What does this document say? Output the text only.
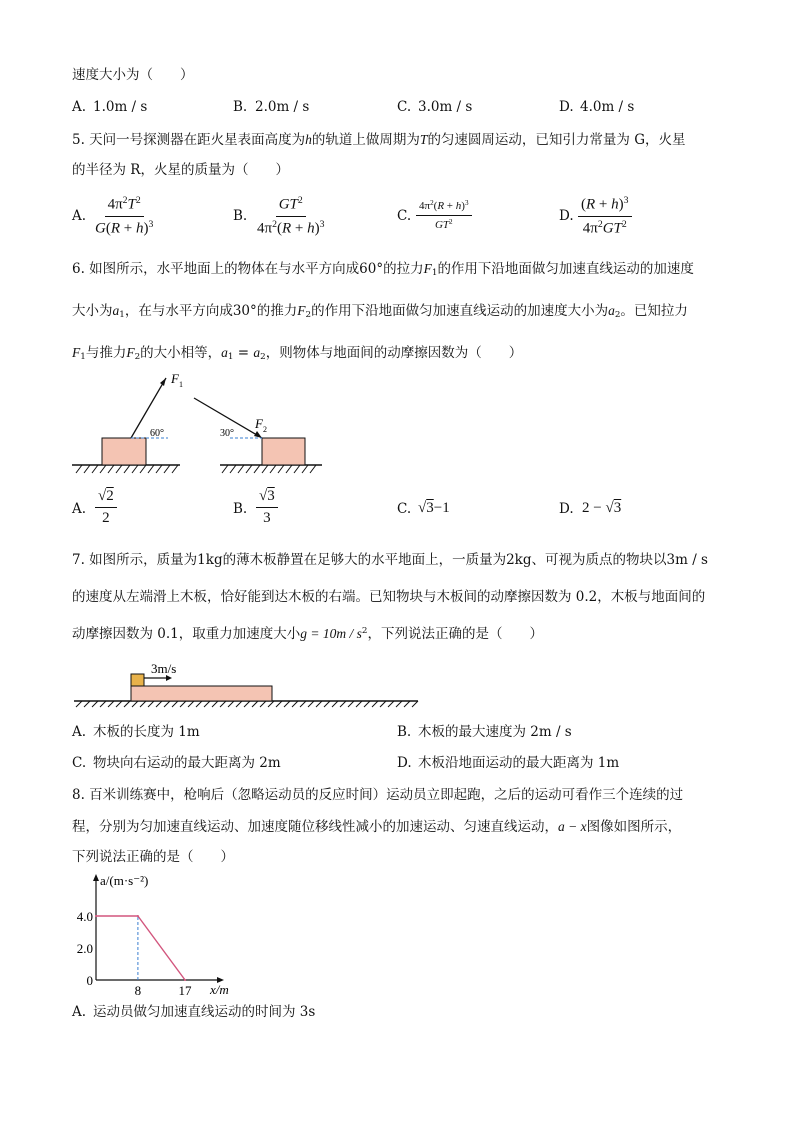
速度大小为（　　）
A. 1.0m / s	B. 2.0m / s	C. 3.0m / s	D. 4.0m / s
5. 天问一号探测器在距火星表面高度为h的轨道上做周期为T的匀速圆周运动，已知引力常量为 G，火星
的半径为 R，火星的质量为（　　）
A. $\frac{4\pi^2T^2}{G(R + h)^3}$	B. $\frac{GT^2}{4\pi^2(R + h)^3}$	C. $\frac{4\pi^2(R + h)^3}{GT^2}$	D. $\frac{(R + h)^3}{4\pi^2GT^2}$
6. 如图所示，水平地面上的物体在与水平方向成60°的拉力$F_1$的作用下沿地面做匀加速直线运动的加速度
大小为$a_1$，在与水平方向成30°的推力$F_2$的作用下沿地面做匀加速直线运动的加速度大小为$a_2$。已知拉力
$F_1$与推力$F_2$的大小相等，$a_1 = a_2$，则物体与地面间的动摩擦因数为（　　）
F 1
60°	30°
F 2
A. $\frac{√2}{2}$	B. $\frac{√3}{3}$	C. √3−1	D. 2 − √3
7. 如图所示，质量为1kg的薄木板静置在足够大的水平地面上，一质量为2kg、可视为质点的物块以3m / s
的速度从左端滑上木板，恰好能到达木板的右端。已知物块与木板间的动摩擦因数为 0.2，木板与地面间的
动摩擦因数为 0.1，取重力加速度大小$g = 10m / s^2$，下列说法正确的是（　　）
3m/s
A. 木板的长度为 1m	B. 木板的最大速度为 2m / s
C. 物块向右运动的最大距离为 2m	D. 木板沿地面运动的最大距离为 1m
8. 百米训练赛中，枪响后（忽略运动员的反应时间）运动员立即起跑，之后的运动可看作三个连续的过
程，分别为匀加速直线运动、加速度随位移线性减小的加速运动、匀速直线运动，a − x图像如图所示，
下列说法正确的是（　　）
a/(m·s⁻²)
x/m
4.0
2.0
0
8	17
A. 运动员做匀加速直线运动的时间为 3s
